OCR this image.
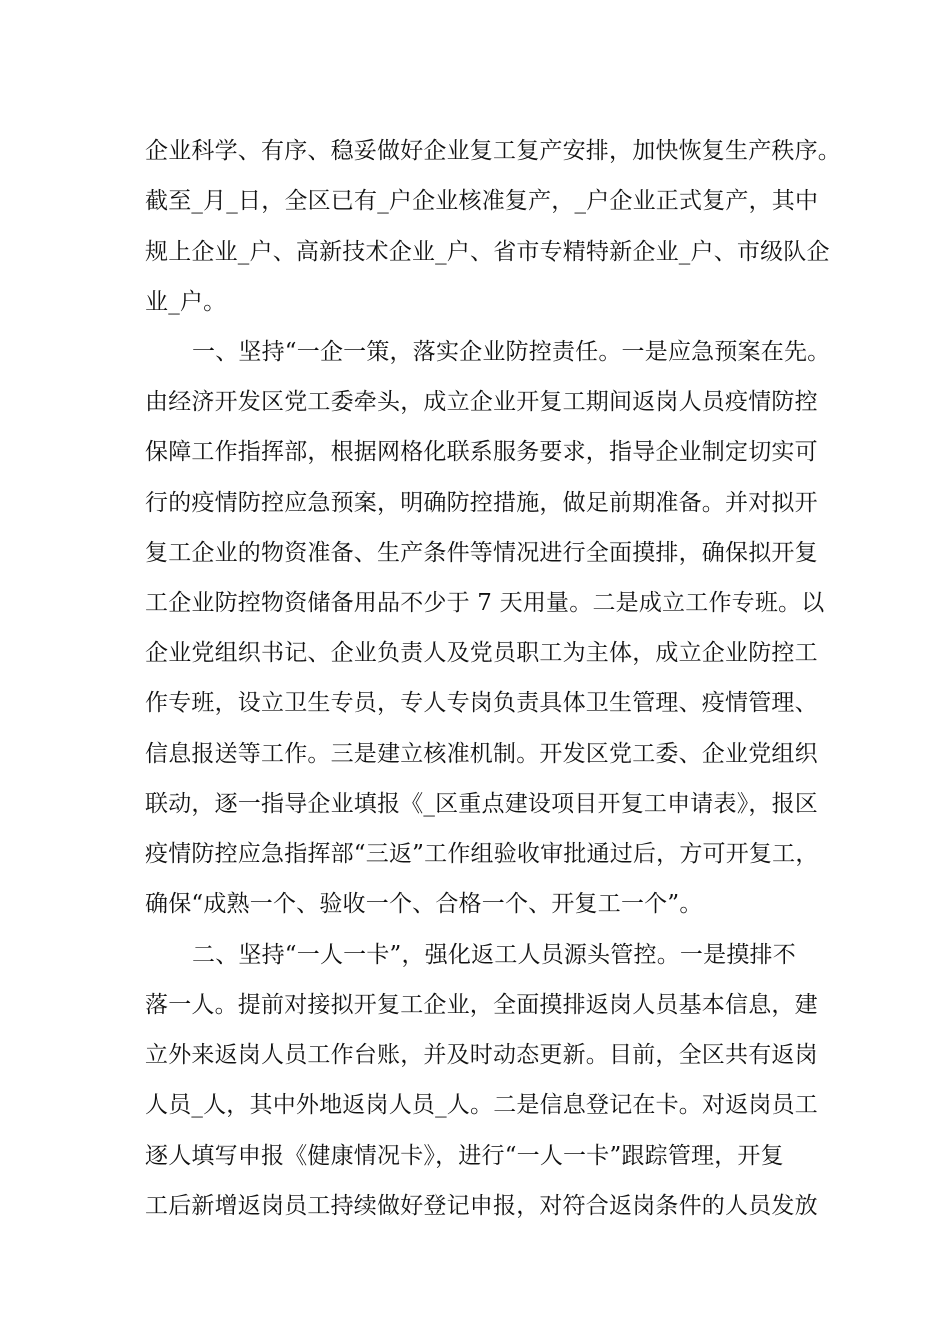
企业科学、有序、稳妥做好企业复工复产安排，加快恢复生产秩序。
截至_月_日，全区已有_户企业核准复产，_户企业正式复产，其中
规上企业_户、高新技术企业_户、省市专精特新企业_户、市级队企
业_户。
一、坚持“一企一策，落实企业防控责任。一是应急预案在先。
由经济开发区党工委牵头，成立企业开复工期间返岗人员疫情防控
保障工作指挥部，根据网格化联系服务要求，指导企业制定切实可
行的疫情防控应急预案，明确防控措施，做足前期准备。并对拟开
复工企业的物资准备、生产条件等情况进行全面摸排，确保拟开复
工企业防控物资储备用品不少于 7 天用量。二是成立工作专班。以
企业党组织书记、企业负责人及党员职工为主体，成立企业防控工
作专班，设立卫生专员，专人专岗负责具体卫生管理、疫情管理、
信息报送等工作。三是建立核准机制。开发区党工委、企业党组织
联动，逐一指导企业填报《_区重点建设项目开复工申请表》，报区
疫情防控应急指挥部“三返”工作组验收审批通过后，方可开复工，
确保“成熟一个、验收一个、合格一个、开复工一个”。
二、坚持“一人一卡”，强化返工人员源头管控。一是摸排不
落一人。提前对接拟开复工企业，全面摸排返岗人员基本信息，建
立外来返岗人员工作台账，并及时动态更新。目前，全区共有返岗
人员_人，其中外地返岗人员_人。二是信息登记在卡。对返岗员工
逐人填写申报《健康情况卡》，进行“一人一卡”跟踪管理，开复
工后新增返岗员工持续做好登记申报，对符合返岗条件的人员发放
